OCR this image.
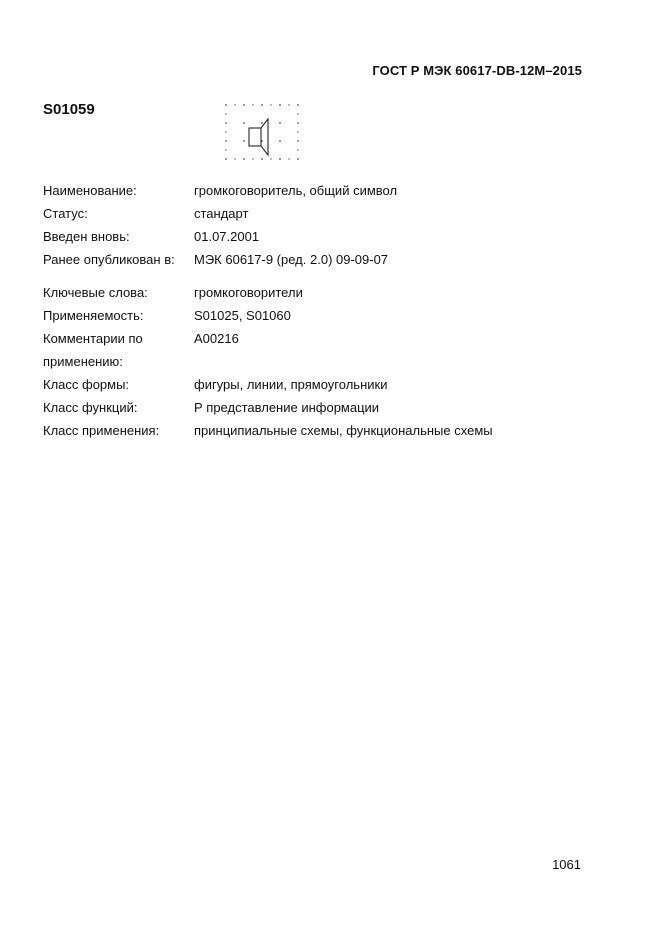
ГОСТ Р МЭК 60617-DB-12M–2015
S01059
Наименование:	громкоговоритель, общий символ
Статус:	стандарт
Введен вновь:	01.07.2001
Ранее опубликован в:	МЭК 60617-9 (ред. 2.0) 09-09-07
Ключевые слова:	громкоговорители
Применяемость:	S01025, S01060
Комментарии по применению:
А00216
Класс формы:	фигуры, линии, прямоугольники
Класс функций:	Р представление информации
Класс применения:	принципиальные схемы, функциональные схемы
1061
